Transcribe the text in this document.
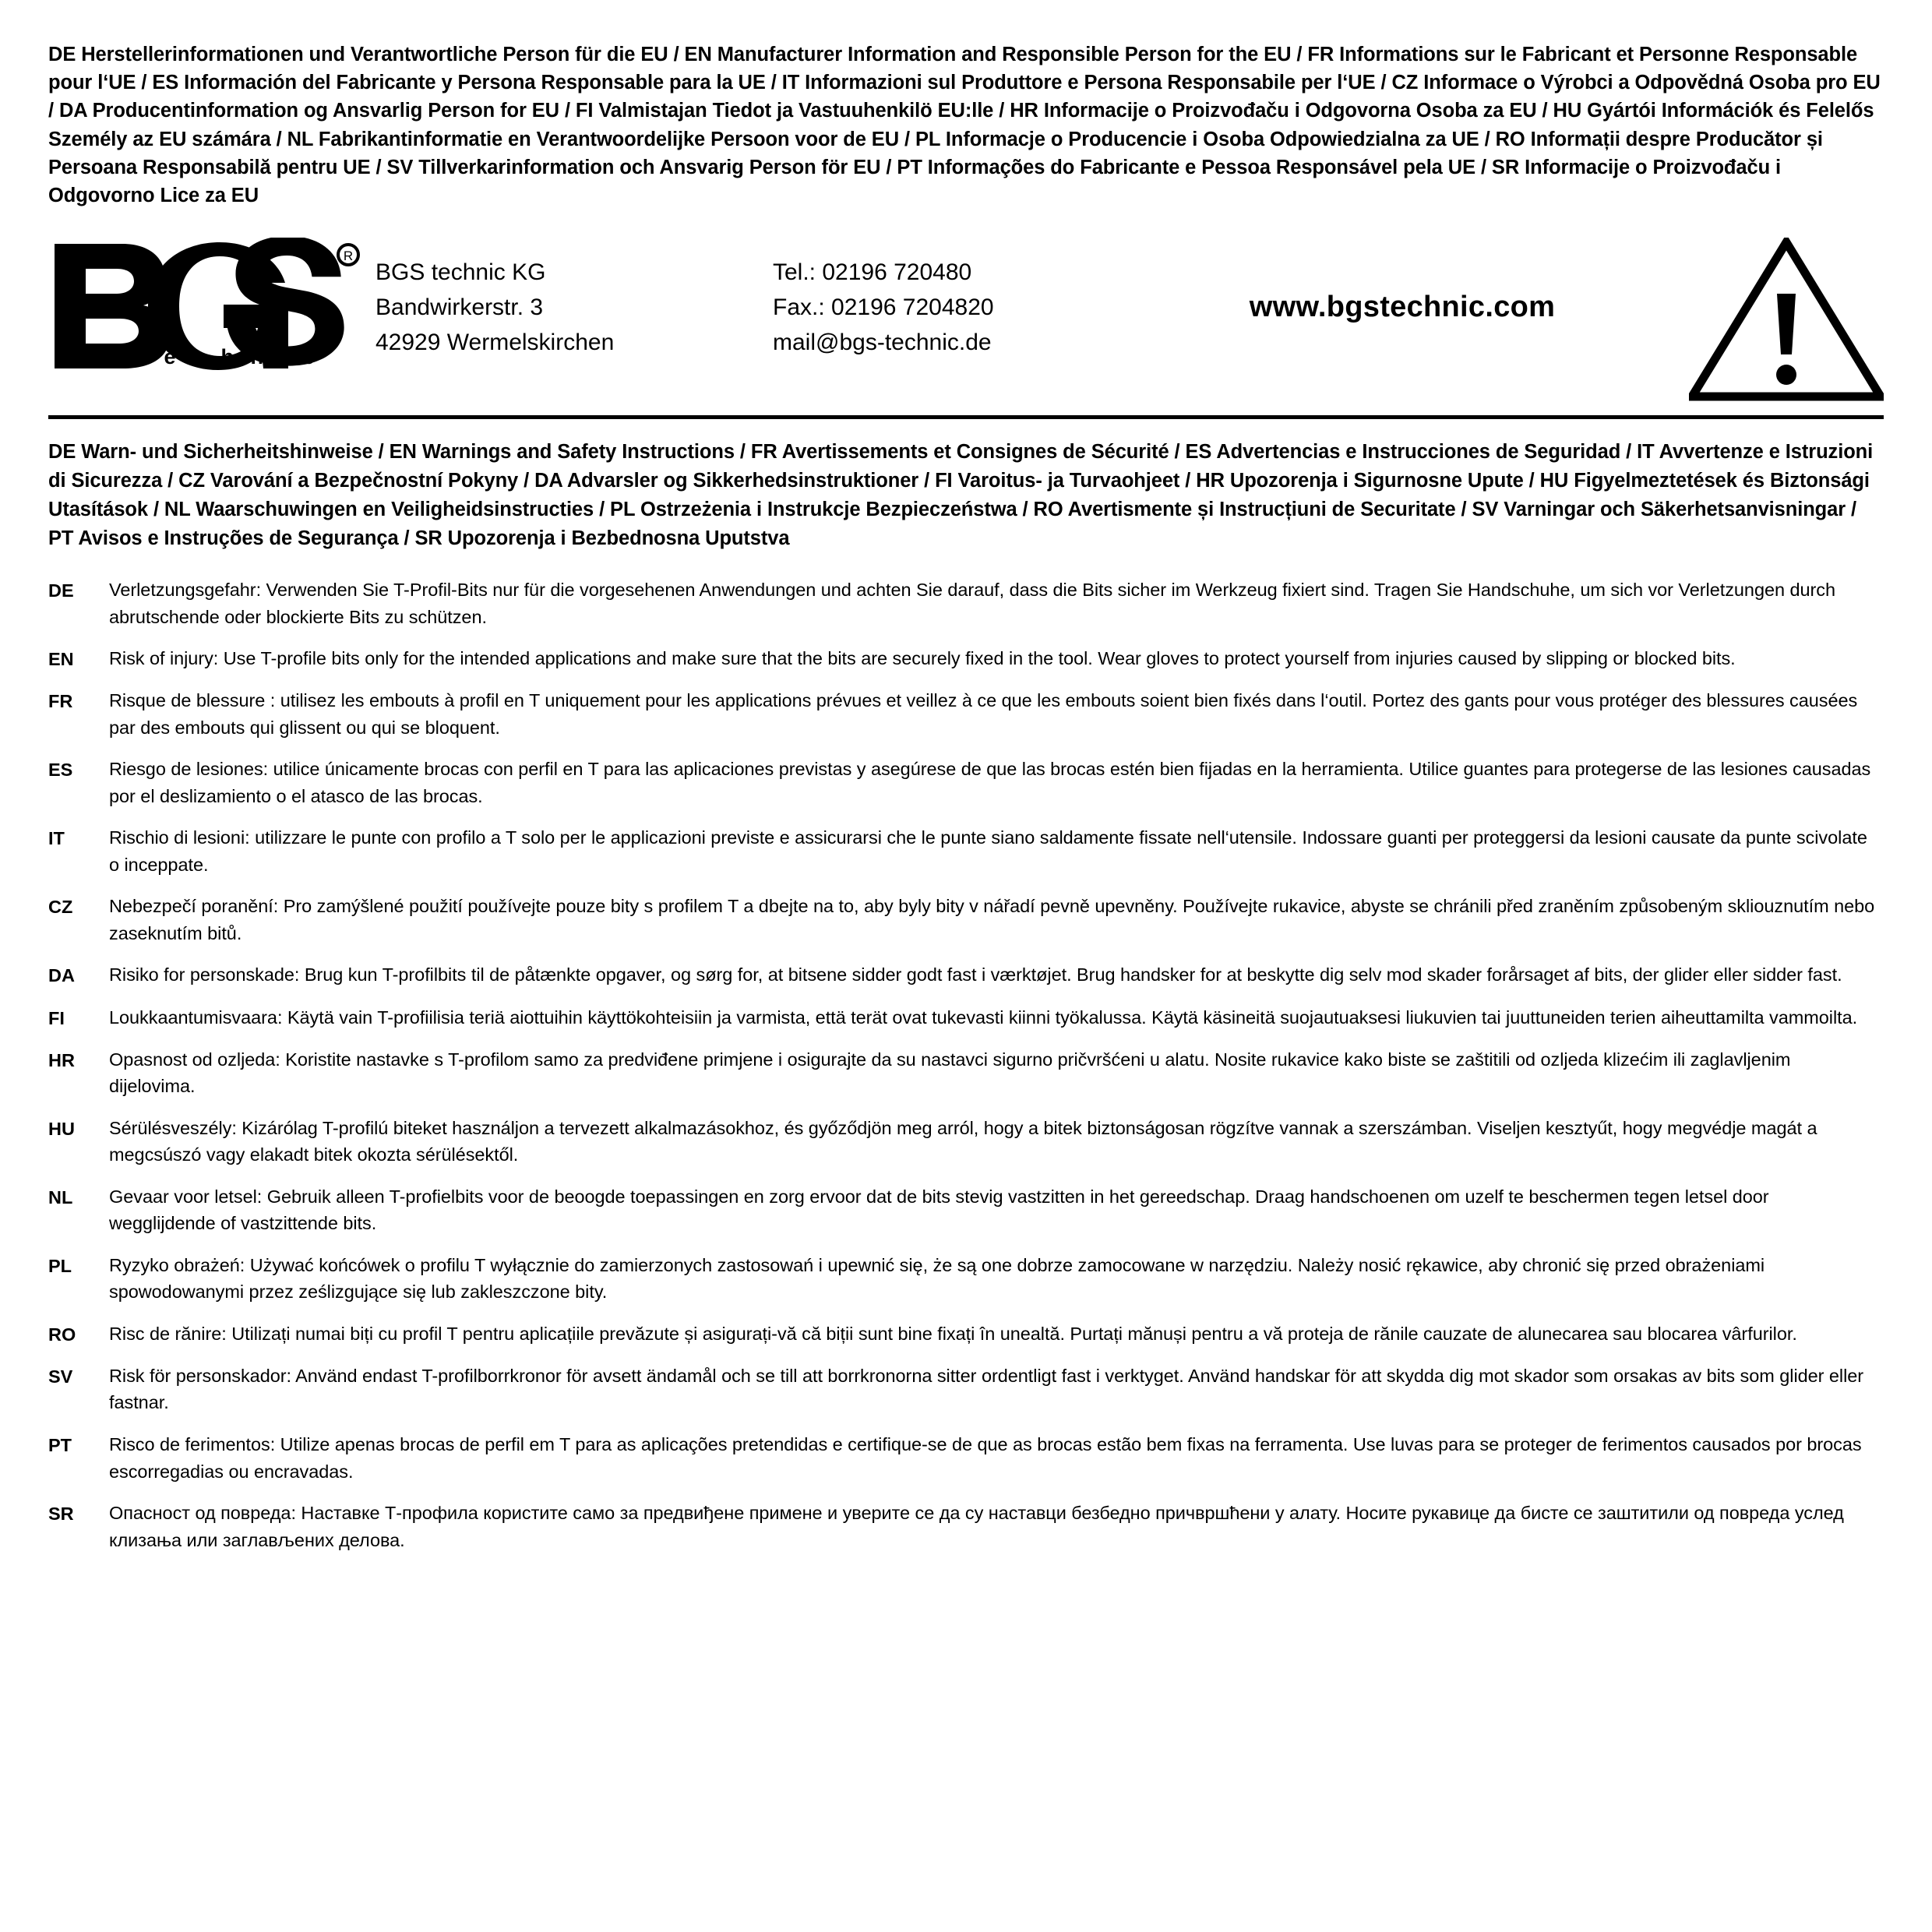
DE Herstellerinformationen und Verantwortliche Person für die EU / EN Manufacturer Information and Responsible Person for the EU / FR Informations sur le Fabricant et Personne Responsable pour l‘UE / ES Información del Fabricante y Persona Responsable para la UE / IT Informazioni sul Produttore e Persona Responsabile per l‘UE / CZ Informace o Výrobci a Odpovědná Osoba pro EU / DA Producentinformation og Ansvarlig Person for EU / FI Valmistajan Tiedot ja Vastuuhenkilö EU:lle / HR Informacije o Proizvođaču i Odgovorna Osoba za EU / HU Gyártói Információk és Felelős Személy az EU számára / NL Fabrikantinformatie en Verantwoordelijke Persoon voor de EU / PL Informacje o Producencie i Osoba Odpowiedzialna za UE / RO Informații despre Producător și Persoana Responsabilă pentru UE / SV Tillverkarinformation och Ansvarig Person för EU / PT Informações do Fabricante e Pessoa Responsável pela UE / SR Informacije o Proizvođaču i Odgovorno Lice za EU
R
t e c h n i c
BGS technic KG
Bandwirkerstr. 3
42929 Wermelskirchen
Tel.: 02196 720480
Fax.: 02196 7204820
mail@bgs-technic.de
www.bgstechnic.com
DE Warn- und Sicherheitshinweise / EN Warnings and Safety Instructions / FR Avertissements et Consignes de Sécurité / ES Advertencias e Instrucciones de Seguridad / IT Avvertenze e Istruzioni di Sicurezza / CZ Varování a Bezpečnostní Pokyny / DA Advarsler og Sikkerhedsinstruktioner / FI Varoitus- ja Turvaohjeet / HR Upozorenja i Sigurnosne Upute / HU Figyelmeztetések és Biztonsági Utasítások / NL Waarschuwingen en Veiligheidsinstructies / PL Ostrzeżenia i Instrukcje Bezpieczeństwa / RO Avertismente și Instrucțiuni de Securitate / SV Varningar och Säkerhetsanvisningar / PT Avisos e Instruções de Segurança / SR Upozorenja i Bezbednosna Uputstva
DE	Verletzungsgefahr: Verwenden Sie T-Profil-Bits nur für die vorgesehenen Anwendungen und achten Sie darauf, dass die Bits sicher im Werkzeug fixiert sind. Tragen Sie Handschuhe, um sich vor Verletzungen durch abrutschende oder blockierte Bits zu schützen.
EN	Risk of injury: Use T-profile bits only for the intended applications and make sure that the bits are securely fixed in the tool. Wear gloves to protect yourself from injuries caused by slipping or blocked bits.
FR	Risque de blessure : utilisez les embouts à profil en T uniquement pour les applications prévues et veillez à ce que les embouts soient bien fixés dans l‘outil. Portez des gants pour vous protéger des blessures causées par des embouts qui glissent ou qui se bloquent.
ES	Riesgo de lesiones: utilice únicamente brocas con perfil en T para las aplicaciones previstas y asegúrese de que las brocas estén bien fijadas en la herramienta. Utilice guantes para protegerse de las lesiones causadas por el deslizamiento o el atasco de las brocas.
IT	Rischio di lesioni: utilizzare le punte con profilo a T solo per le applicazioni previste e assicurarsi che le punte siano saldamente fissate nell‘utensile. Indossare guanti per proteggersi da lesioni causate da punte scivolate o inceppate.
CZ	Nebezpečí poranění: Pro zamýšlené použití používejte pouze bity s profilem T a dbejte na to, aby byly bity v nářadí pevně upevněny. Používejte rukavice, abyste se chránili před zraněním způsobeným skliouznutím nebo zaseknutím bitů.
DA	Risiko for personskade: Brug kun T-profilbits til de påtænkte opgaver, og sørg for, at bitsene sidder godt fast i værktøjet. Brug handsker for at beskytte dig selv mod skader forårsaget af bits, der glider eller sidder fast.
FI	Loukkaantumisvaara: Käytä vain T-profiilisia teriä aiottuihin käyttökohteisiin ja varmista, että terät ovat tukevasti kiinni työkalussa. Käytä käsineitä suojautuaksesi liukuvien tai juuttuneiden terien aiheuttamilta vammoilta.
HR	Opasnost od ozljeda: Koristite nastavke s T-profilom samo za predviđene primjene i osigurajte da su nastavci sigurno pričvršćeni u alatu. Nosite rukavice kako biste se zaštitili od ozljeda klizećim ili zaglavljenim dijelovima.
HU	Sérülésveszély: Kizárólag T-profilú biteket használjon a tervezett alkalmazásokhoz, és győződjön meg arról, hogy a bitek biztonságosan rögzítve vannak a szerszámban. Viseljen kesztyűt, hogy megvédje magát a megcsúszó vagy elakadt bitek okozta sérülésektől.
NL	Gevaar voor letsel: Gebruik alleen T-profielbits voor de beoogde toepassingen en zorg ervoor dat de bits stevig vastzitten in het gereedschap. Draag handschoenen om uzelf te beschermen tegen letsel door wegglijdende of vastzittende bits.
PL	Ryzyko obrażeń: Używać końcówek o profilu T wyłącznie do zamierzonych zastosowań i upewnić się, że są one dobrze zamocowane w narzędziu. Należy nosić rękawice, aby chronić się przed obrażeniami spowodowanymi przez ześlizgujące się lub zakleszczone bity.
RO	Risc de rănire: Utilizați numai biți cu profil T pentru aplicațiile prevăzute și asigurați-vă că biții sunt bine fixați în unealtă. Purtați mănuși pentru a vă proteja de rănile cauzate de alunecarea sau blocarea vârfurilor.
SV	Risk för personskador: Använd endast T-profilborrkronor för avsett ändamål och se till att borrkronorna sitter ordentligt fast i verktyget. Använd handskar för att skydda dig mot skador som orsakas av bits som glider eller fastnar.
PT	Risco de ferimentos: Utilize apenas brocas de perfil em T para as aplicações pretendidas e certifique-se de que as brocas estão bem fixas na ferramenta. Use luvas para se proteger de ferimentos causados por brocas escorregadias ou encravadas.
SR	Опасност од повреда: Наставке Т-профила користите само за предвиђене примене и уверите се да су наставци безбедно причвршћени у алату. Носите рукавице да бисте се заштитили од повреда услед клизања или заглављених делова.
